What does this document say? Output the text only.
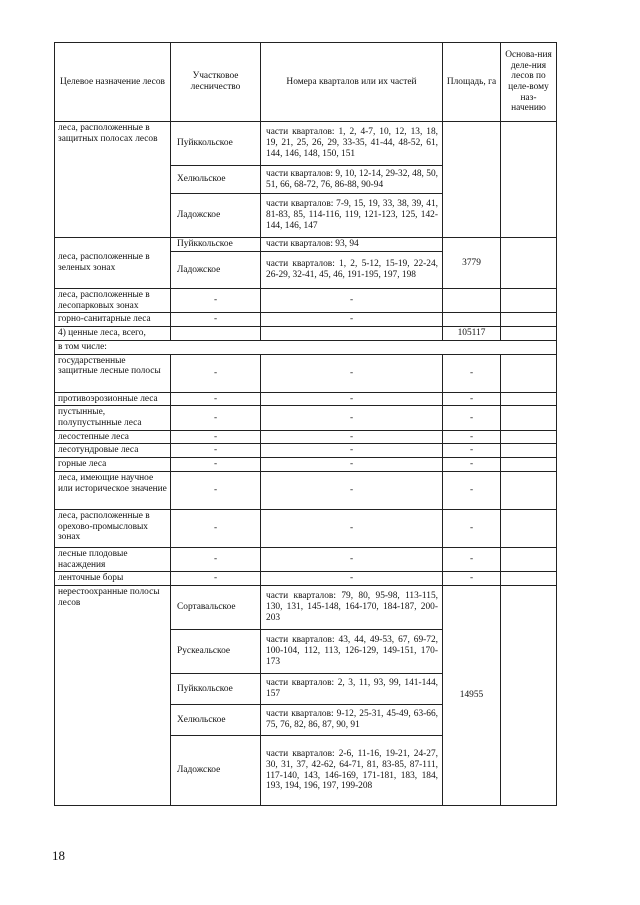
Целевое назначение лесов	Участковое лесничество	Номера кварталов или их частей	Площадь, га	Основа-ния деле-ния лесов по целе-вому наз-начению
леса, расположенные в защитных полосах лесов	Пуйккольское	части кварталов: 1, 2, 4-7, 10, 12, 13, 18, 19, 21, 25, 26, 29, 33-35, 41-44, 48-52, 61, 144, 146, 148, 150, 151		
	Хелюльское	части кварталов: 9, 10, 12-14, 29-32, 48, 50, 51, 66, 68-72, 76, 86-88, 90-94		
	Ладожское	части кварталов: 7-9, 15, 19, 33, 38, 39, 41, 81-83, 85, 114-116, 119, 121-123, 125, 142-144, 146, 147		
леса, расположенные в зеленых зонах	Пуйккольское	части кварталов: 93, 94	3779	
	Ладожское	части кварталов: 1, 2, 5-12, 15-19, 22-24, 26-29, 32-41, 45, 46, 191-195, 197, 198		
леса, расположенные в лесопарковых зонах	-	-		
горно-санитарные леса	-	-		
4) ценные леса, всего,			105117	
в том числе:				
государственные защитные лесные полосы	-	-	-	
противоэрозионные леса	-	-	-	
пустынные, полупустынные леса	-	-	-	
лесостепные леса	-	-	-	
лесотундровые леса	-	-	-	
горные леса	-	-	-	
леса, имеющие научное или историческое значение	-	-	-	
леса, расположенные в орехово-промысловых зонах	-	-	-	
лесные плодовые насаждения	-	-	-	
ленточные боры	-	-	-	
нерестоохранные полосы лесов	Сортавальское	части кварталов: 79, 80, 95-98, 113-115, 130, 131, 145-148, 164-170, 184-187, 200-203	14955	
	Рускеальское	части кварталов: 43, 44, 49-53, 67, 69-72, 100-104, 112, 113, 126-129, 149-151, 170-173		
	Пуйккольское	части кварталов: 2, 3, 11, 93, 99, 141-144, 157		
	Хелюльское	части кварталов: 9-12, 25-31, 45-49, 63-66, 75, 76, 82, 86, 87, 90, 91		
	Ладожское	части кварталов: 2-6, 11-16, 19-21, 24-27, 30, 31, 37, 42-62, 64-71, 81, 83-85, 87-111, 117-140, 143, 146-169, 171-181, 183, 184, 193, 194, 196, 197, 199-208		
18
